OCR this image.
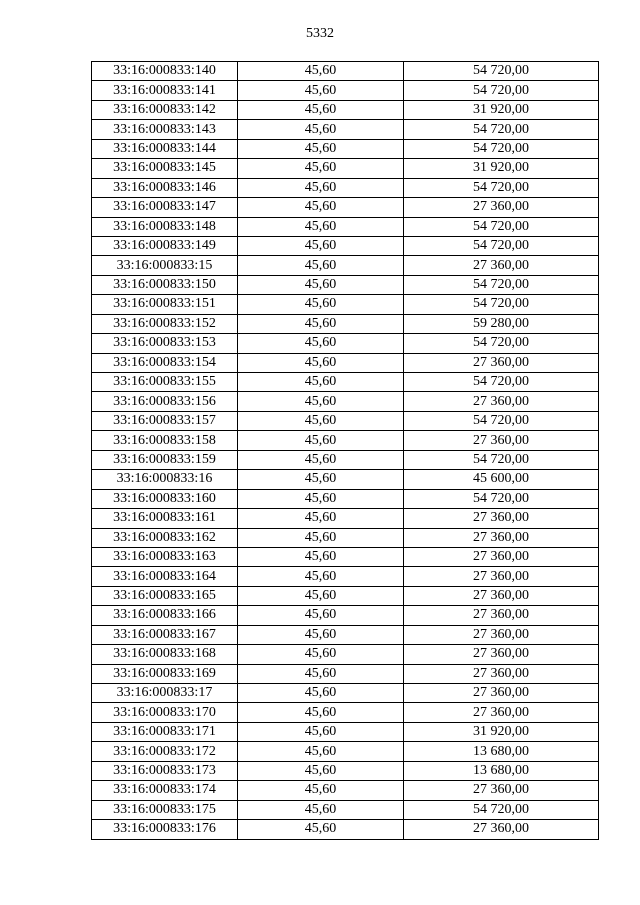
5332
33:16:000833:140	45,60	54 720,00
33:16:000833:141	45,60	54 720,00
33:16:000833:142	45,60	31 920,00
33:16:000833:143	45,60	54 720,00
33:16:000833:144	45,60	54 720,00
33:16:000833:145	45,60	31 920,00
33:16:000833:146	45,60	54 720,00
33:16:000833:147	45,60	27 360,00
33:16:000833:148	45,60	54 720,00
33:16:000833:149	45,60	54 720,00
33:16:000833:15	45,60	27 360,00
33:16:000833:150	45,60	54 720,00
33:16:000833:151	45,60	54 720,00
33:16:000833:152	45,60	59 280,00
33:16:000833:153	45,60	54 720,00
33:16:000833:154	45,60	27 360,00
33:16:000833:155	45,60	54 720,00
33:16:000833:156	45,60	27 360,00
33:16:000833:157	45,60	54 720,00
33:16:000833:158	45,60	27 360,00
33:16:000833:159	45,60	54 720,00
33:16:000833:16	45,60	45 600,00
33:16:000833:160	45,60	54 720,00
33:16:000833:161	45,60	27 360,00
33:16:000833:162	45,60	27 360,00
33:16:000833:163	45,60	27 360,00
33:16:000833:164	45,60	27 360,00
33:16:000833:165	45,60	27 360,00
33:16:000833:166	45,60	27 360,00
33:16:000833:167	45,60	27 360,00
33:16:000833:168	45,60	27 360,00
33:16:000833:169	45,60	27 360,00
33:16:000833:17	45,60	27 360,00
33:16:000833:170	45,60	27 360,00
33:16:000833:171	45,60	31 920,00
33:16:000833:172	45,60	13 680,00
33:16:000833:173	45,60	13 680,00
33:16:000833:174	45,60	27 360,00
33:16:000833:175	45,60	54 720,00
33:16:000833:176	45,60	27 360,00
